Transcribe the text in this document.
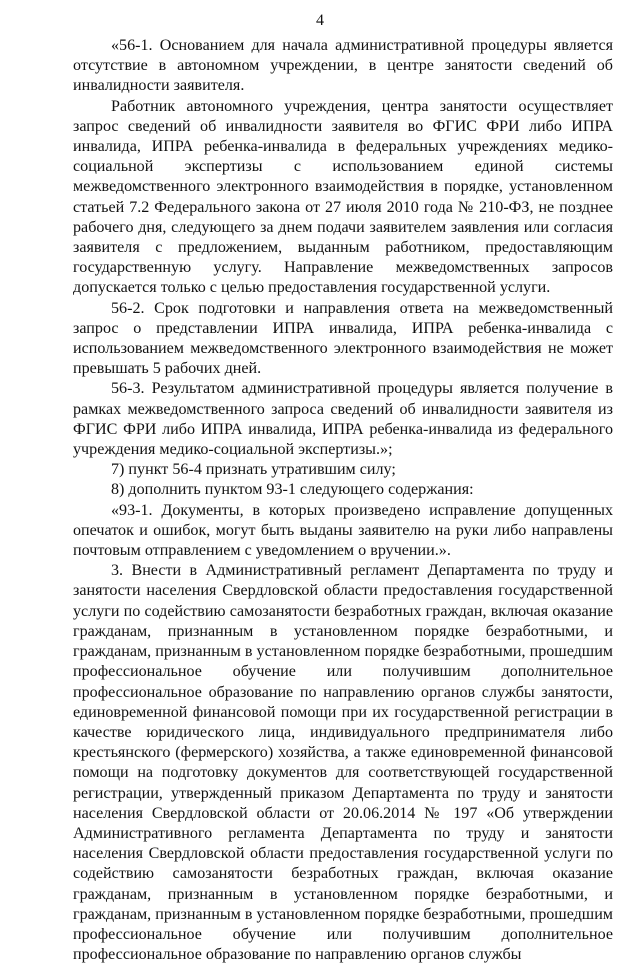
4

«56-1. Основанием для начала административной процедуры является отсутствие в автономном учреждении, в центре занятости сведений об инвалидности заявителя.

Работник автономного учреждения, центра занятости осуществляет запрос сведений об инвалидности заявителя во ФГИС ФРИ либо ИПРА инвалида, ИПРА ребенка-инвалида в федеральных учреждениях медико-социальной экспертизы с использованием единой системы межведомственного электронного взаимодействия в порядке, установленном статьей 7.2 Федерального закона от 27 июля 2010 года № 210-ФЗ, не позднее рабочего дня, следующего за днем подачи заявителем заявления или согласия заявителя с предложением, выданным работником, предоставляющим государственную услугу. Направление межведомственных запросов допускается только с целью предоставления государственной услуги.

56-2. Срок подготовки и направления ответа на межведомственный запрос о представлении ИПРА инвалида, ИПРА ребенка-инвалида с использованием межведомственного электронного взаимодействия не может превышать 5 рабочих дней.

56-3. Результатом административной процедуры является получение в рамках межведомственного запроса сведений об инвалидности заявителя из ФГИС ФРИ либо ИПРА инвалида, ИПРА ребенка-инвалида из федерального учреждения медико-социальной экспертизы.»;

7) пункт 56-4 признать утратившим силу;

8) дополнить пунктом 93-1 следующего содержания:

«93-1. Документы, в которых произведено исправление допущенных опечаток и ошибок, могут быть выданы заявителю на руки либо направлены почтовым отправлением с уведомлением о вручении.».

3. Внести в Административный регламент Департамента по труду и занятости населения Свердловской области предоставления государственной услуги по содействию самозанятости безработных граждан, включая оказание гражданам, признанным в установленном порядке безработными, и гражданам, признанным в установленном порядке безработными, прошедшим профессиональное обучение или получившим дополнительное профессиональное образование по направлению органов службы занятости, единовременной финансовой помощи при их государственной регистрации в качестве юридического лица, индивидуального предпринимателя либо крестьянского (фермерского) хозяйства, а также единовременной финансовой помощи на подготовку документов для соответствующей государственной регистрации, утвержденный приказом Департамента по труду и занятости населения Свердловской области от 20.06.2014 № 197 «Об утверждении Административного регламента Департамента по труду и занятости населения Свердловской области предоставления государственной услуги по содействию самозанятости безработных граждан, включая оказание гражданам, признанным в установленном порядке безработными, и гражданам, признанным в установленном порядке безработными, прошедшим профессиональное обучение или получившим дополнительное профессиональное образование по направлению органов службы
